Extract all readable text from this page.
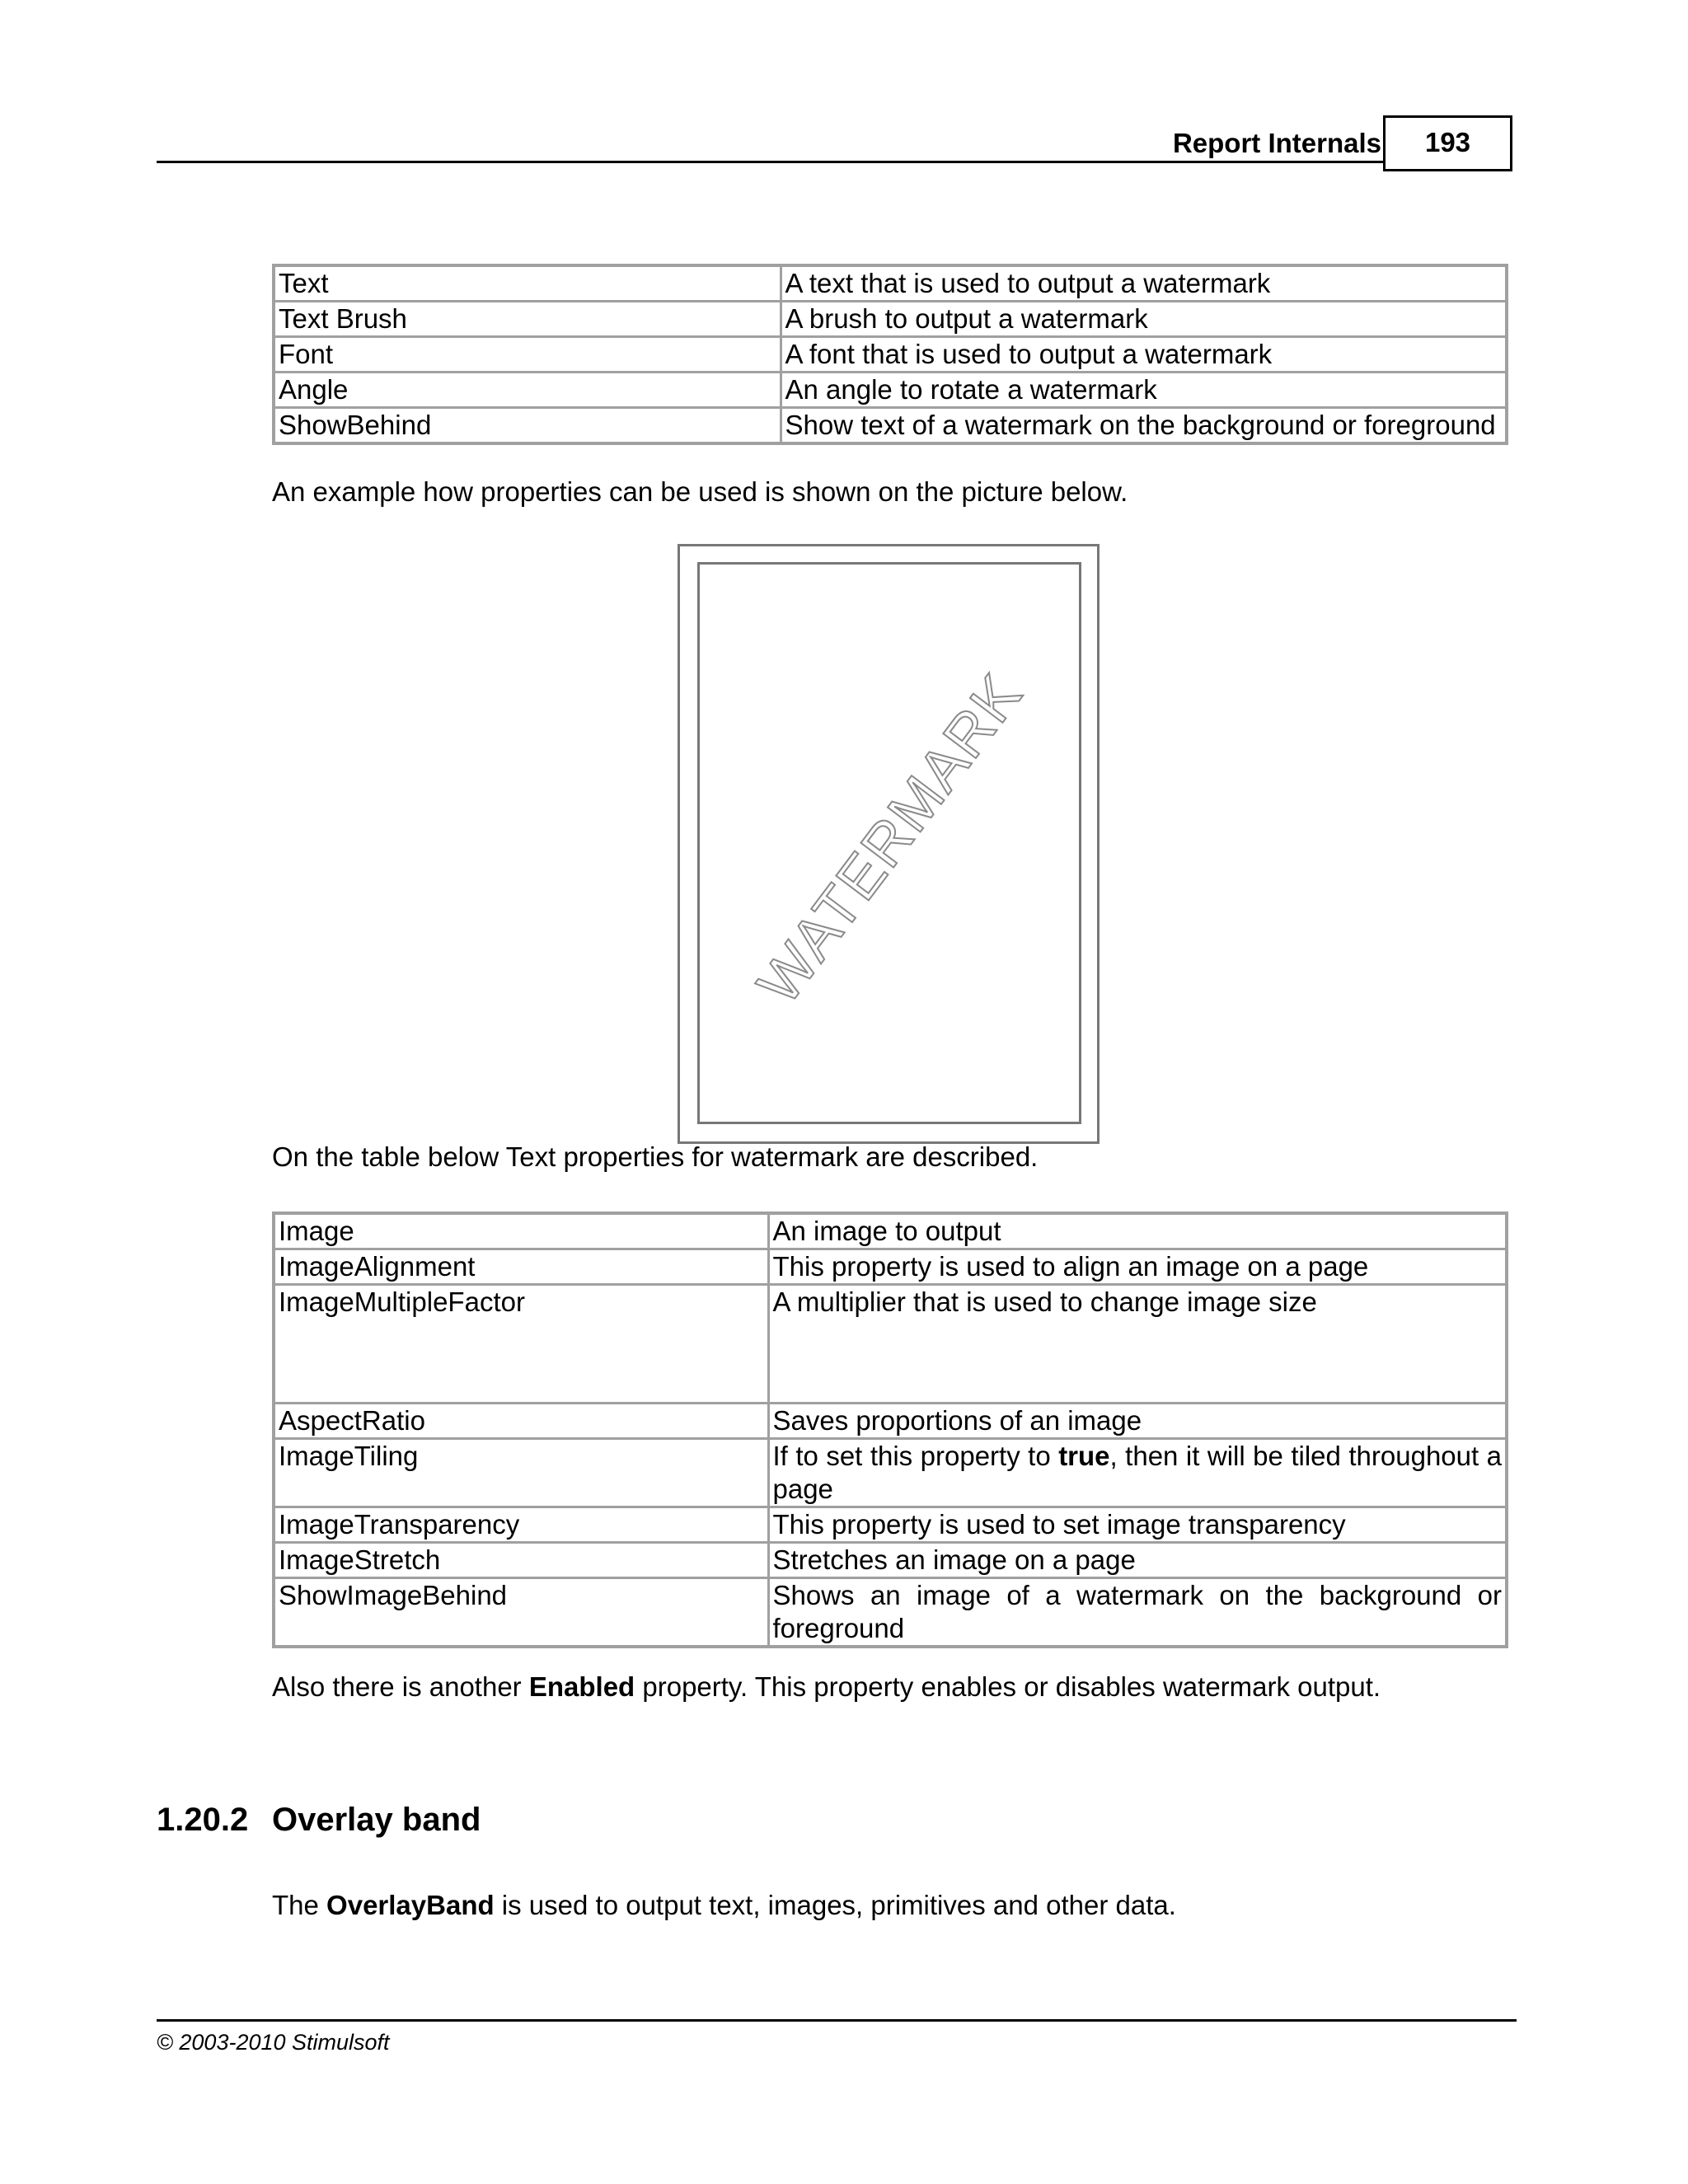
Report Internals	193
Text	A text that is used to output a watermark
Text Brush	A brush to output a watermark
Font	A font that is used to output a watermark
Angle	An angle to rotate a watermark
ShowBehind	Show text of a watermark on the background or foreground
An example how properties can be used is shown on the picture below.
WATERMARK
On the table below Text properties for watermark are described.
Image	An image to output
ImageAlignment	This property is used to align an image on a page
ImageMultipleFactor	A multiplier that is used to change image size
AspectRatio	Saves proportions of an image
ImageTiling	If to set this property to true, then it will be tiled throughout a page
ImageTransparency	This property is used to set image transparency
ImageStretch	Stretches an image on a page
ShowImageBehind	Shows an image of a watermark on the background or foreground
Also there is another Enabled property. This property enables or disables watermark output.
1.20.2 Overlay band
The OverlayBand is used to output text, images, primitives and other data.
© 2003-2010 Stimulsoft
